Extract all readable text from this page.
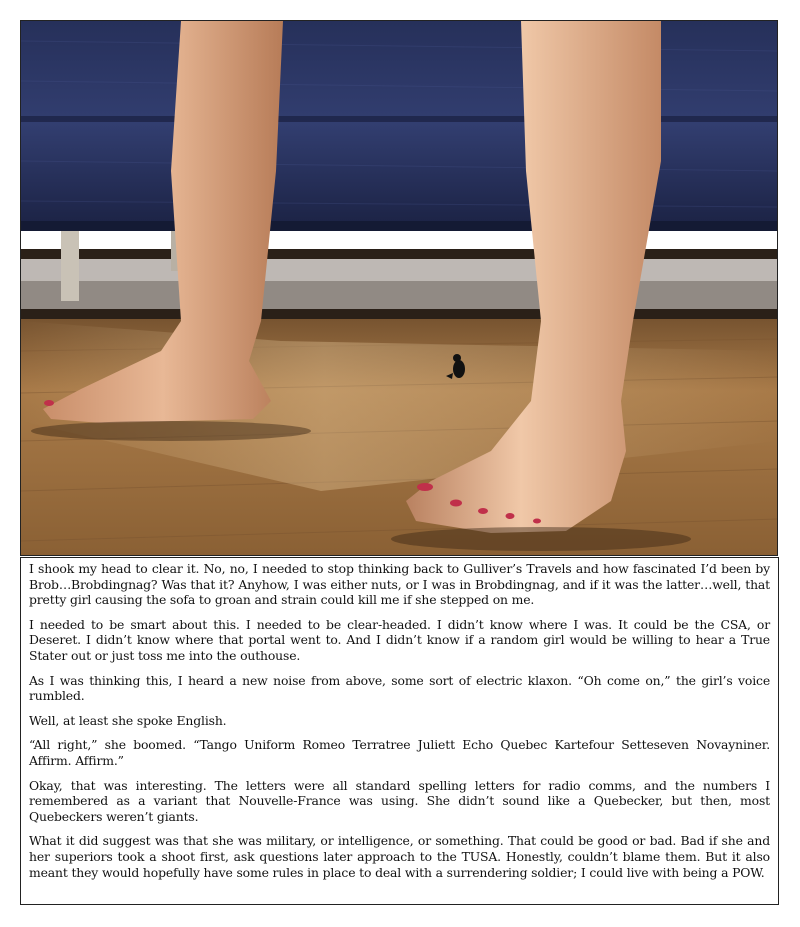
I shook my head to clear it. No, no, I needed to stop thinking back to Gulliver’s Travels and how fascinated I’d been by Brob…Brobdingnag? Was that it? Anyhow, I was either nuts, or I was in Brobdingnag, and if it was the latter…well, that pretty girl causing the sofa to groan and strain could kill me if she stepped on me.

I needed to be smart about this. I needed to be clear-headed. I didn’t know where I was. It could be the CSA, or Deseret. I didn’t know where that portal went to. And I didn’t know if a random girl would be willing to hear a True Stater out or just toss me into the outhouse.

As I was thinking this, I heard a new noise from above, some sort of electric klaxon. “Oh come on,” the girl’s voice rumbled.

Well, at least she spoke English.

“All right,” she boomed. “Tango Uniform Romeo Terratree Juliett Echo Quebec Kartefour Setteseven Novayniner. Affirm. Affirm.”

Okay, that was interesting. The letters were all standard spelling letters for radio comms, and the numbers I remembered as a variant that Nouvelle-France was using. She didn’t sound like a Quebecker, but then, most Quebeckers weren’t giants.

What it did suggest was that she was military, or intelligence, or something. That could be good or bad. Bad if she and her superiors took a shoot first, ask questions later approach to the TUSA. Honestly, couldn’t blame them. But it also meant they would hopefully have some rules in place to deal with a surrendering soldier; I could live with being a POW.
